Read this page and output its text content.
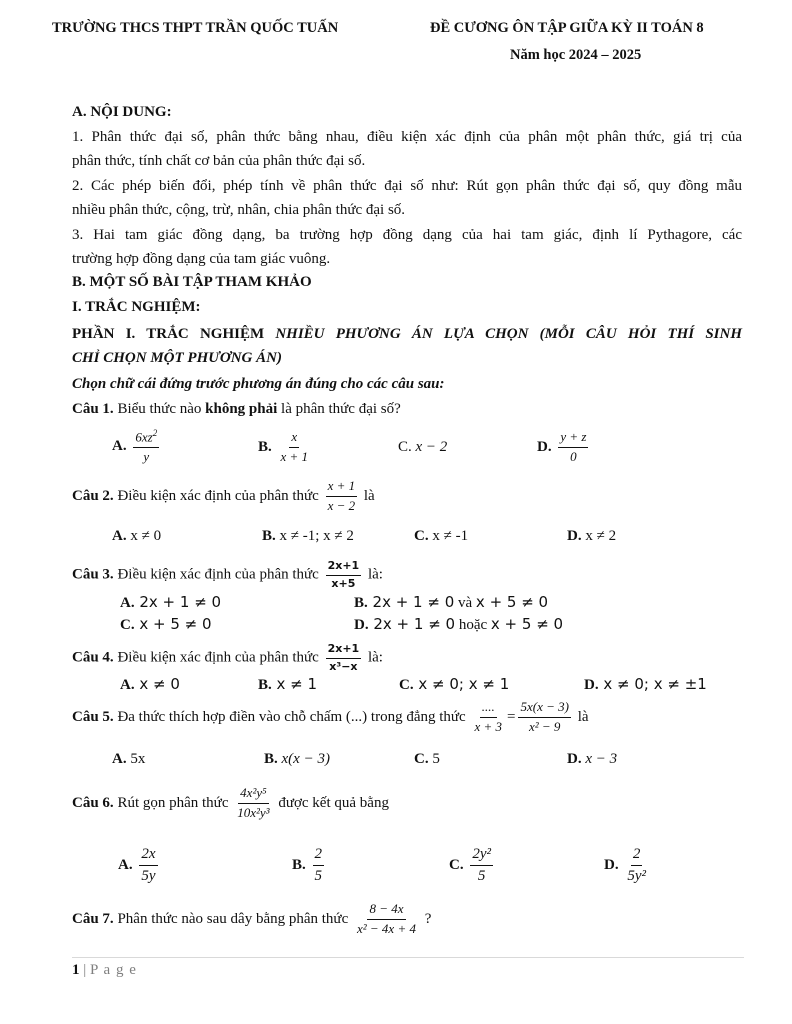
TRƯỜNG THCS THPT TRẦN QUỐC TUẤN	ĐỀ CƯƠNG ÔN TẬP GIỮA KỲ II TOÁN 8
Năm học 2024 – 2025
A. NỘI DUNG:
1. Phân thức đại số, phân thức bằng nhau, điều kiện xác định của phân một phân thức, giá trị của
phân thức, tính chất cơ bản của phân thức đại số.
2. Các phép biến đổi, phép tính về phân thức đại số như: Rút gọn phân thức đại số, quy đồng mẫu
nhiều phân thức, cộng, trừ, nhân, chia phân thức đại số.
3. Hai tam giác đồng dạng, ba trường hợp đồng dạng của hai tam giác, định lí Pythagore, các
trường hợp đồng dạng của tam giác vuông.
B. MỘT SỐ BÀI TẬP THAM KHẢO
I. TRẮC NGHIỆM:
PHẦN I. TRẮC NGHIỆM NHIỀU PHƯƠNG ÁN LỰA CHỌN (MỖI CÂU HỎI THÍ SINH
CHỈ CHỌN MỘT PHƯƠNG ÁN)
Chọn chữ cái đứng trước phương án đúng cho các câu sau:
Câu 1. Biểu thức nào không phải là phân thức đại số?
A. $\frac{6xz^2}{y}$	B. $\frac{x}{x + 1}$	C. x − 2	D. $\frac{y + z}{0}$
Câu 2. Điều kiện xác định của phân thức $\frac{x + 1}{x - 2}$ là
A. x ≠ 0	B. x ≠ -1; x ≠ 2	C. x ≠ -1	D. x ≠ 2
Câu 3. Điều kiện xác định của phân thức $\frac{2x+1}{x+5}$ là:
A. 2x + 1 ≠ 0	B. 2x + 1 ≠ 0 và x + 5 ≠ 0
C. x + 5 ≠ 0	D. 2x + 1 ≠ 0 hoặc x + 5 ≠ 0
Câu 4. Điều kiện xác định của phân thức $\frac{2x+1}{\text{x³−x}}$ là:
A. x ≠ 0	B. x ≠ 1	C. x ≠ 0; x ≠ 1	D. x ≠ 0; x ≠ ±1
Câu 5. Đa thức thích hợp điền vào chỗ chấm (...) trong đẳng thức $\frac{....}{x + 3} = \frac{5x(x - 3)}{\text{x² − 9}}$ là
A. 5x	B. x(x − 3)	C. 5	D. x − 3
Câu 6. Rút gọn phân thức $\frac{\text{4x²y⁵}}{\text{10x²y³}}$ được kết quả bằng
A. $\frac{2x}{5y}$	B. $\frac{2}{5}$	C. $\frac{\text{2y²}}{5}$	D. $\frac{2}{\text{5y²}}$
Câu 7. Phân thức nào sau dây bằng phân thức $\frac{8 - 4x}{\text{x² − 4x + 4}}$ ?
1 | P a g e
